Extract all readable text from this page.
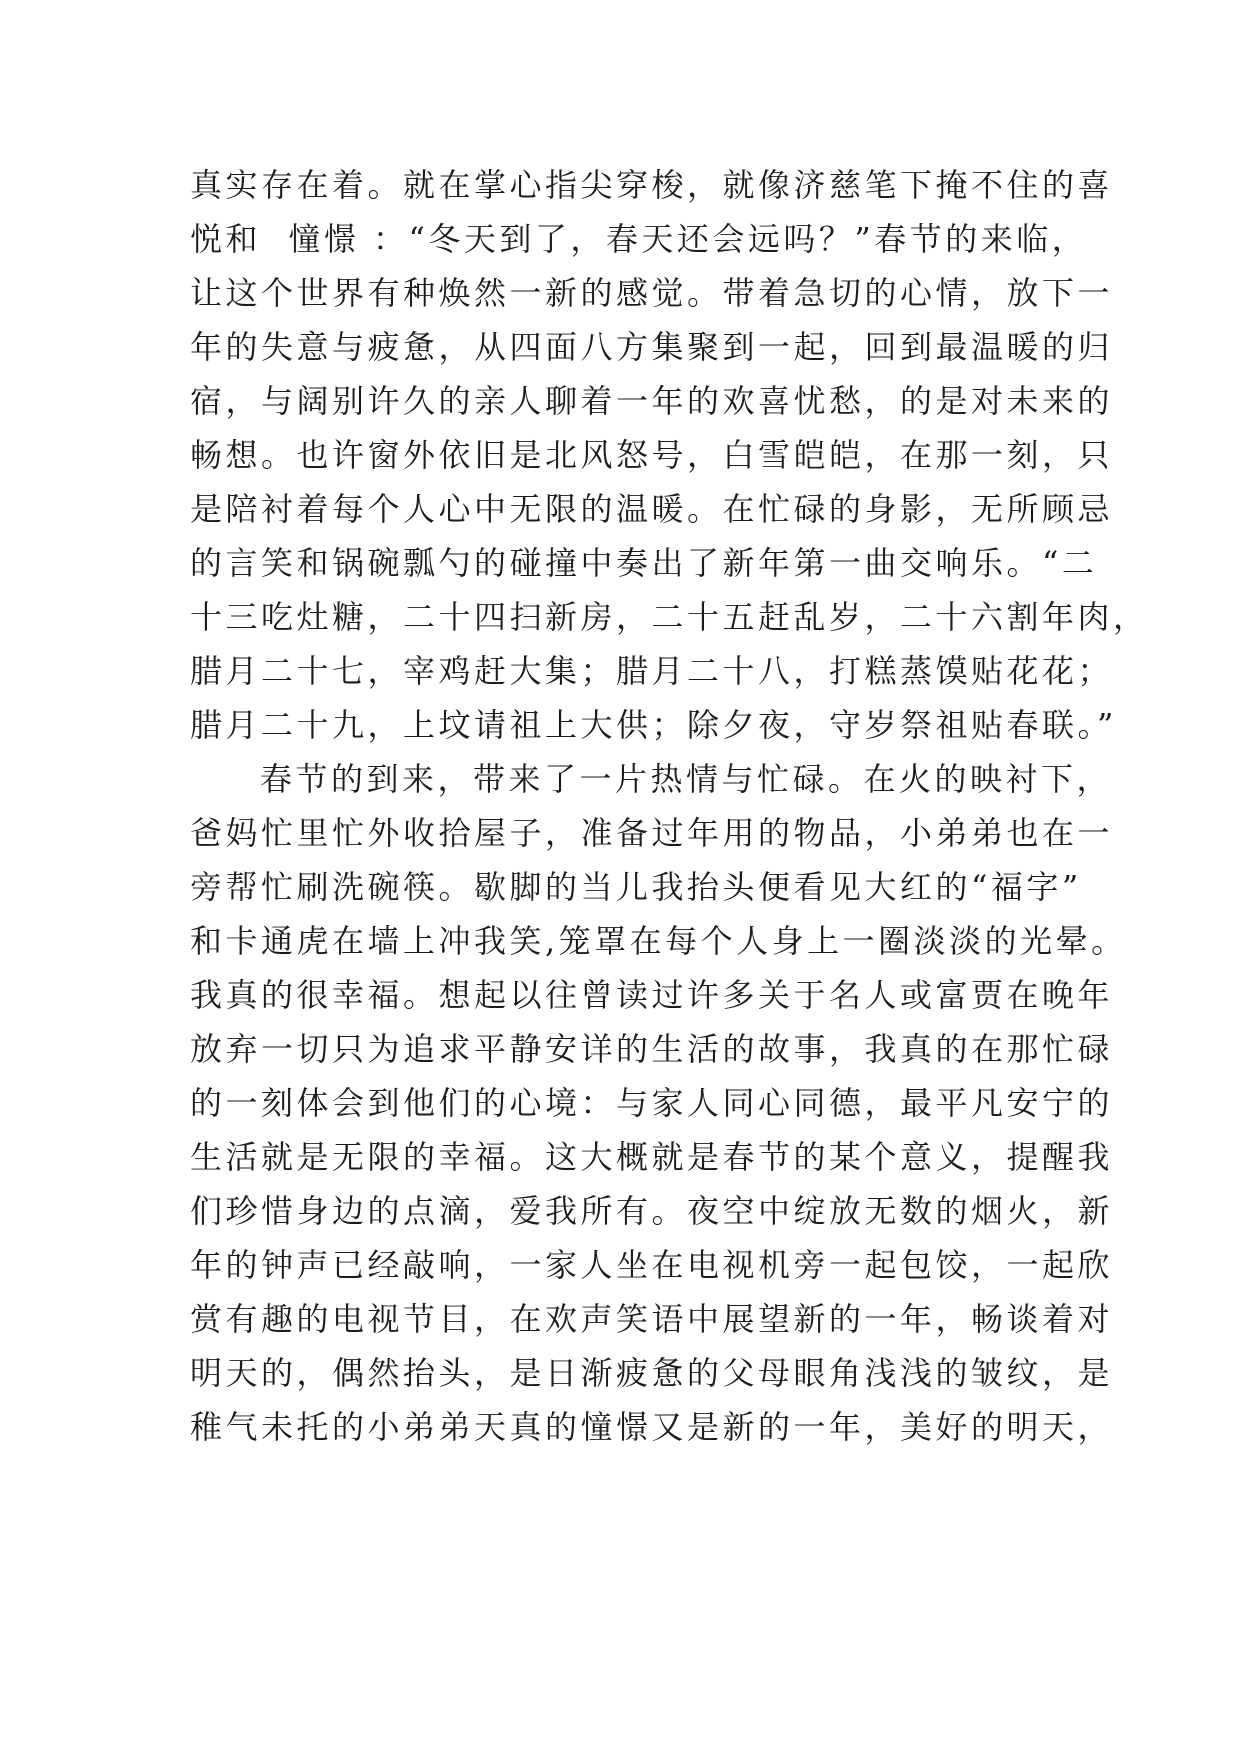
真实存在着。就在掌心指尖穿梭，就像济慈笔下掩不住的喜
悦和  憧憬 ：“冬天到了，春天还会远吗？”春节的来临，
让这个世界有种焕然一新的感觉。带着急切的心情，放下一
年的失意与疲惫，从四面八方集聚到一起，回到最温暖的归
宿，与阔别许久的亲人聊着一年的欢喜忧愁，的是对未来的
畅想。也许窗外依旧是北风怒号，白雪皑皑，在那一刻，只
是陪衬着每个人心中无限的温暖。在忙碌的身影，无所顾忌
的言笑和锅碗瓢勺的碰撞中奏出了新年第一曲交响乐。“二
十三吃灶糖，二十四扫新房，二十五赶乱岁，二十六割年肉，
腊月二十七，宰鸡赶大集；腊月二十八，打糕蒸馍贴花花；
腊月二十九，上坟请祖上大供；除夕夜，守岁祭祖贴春联。”
春节的到来，带来了一片热情与忙碌。在火的映衬下，
爸妈忙里忙外收拾屋子，准备过年用的物品，小弟弟也在一
旁帮忙刷洗碗筷。歇脚的当儿我抬头便看见大红的“福字”
和卡通虎在墙上冲我笑,笼罩在每个人身上一圈淡淡的光晕。
我真的很幸福。想起以往曾读过许多关于名人或富贾在晚年
放弃一切只为追求平静安详的生活的故事，我真的在那忙碌
的一刻体会到他们的心境：与家人同心同德，最平凡安宁的
生活就是无限的幸福。这大概就是春节的某个意义，提醒我
们珍惜身边的点滴，爱我所有。夜空中绽放无数的烟火，新
年的钟声已经敲响，一家人坐在电视机旁一起包饺，一起欣
赏有趣的电视节目，在欢声笑语中展望新的一年，畅谈着对
明天的，偶然抬头，是日渐疲惫的父母眼角浅浅的皱纹，是
稚气未托的小弟弟天真的憧憬又是新的一年，美好的明天，
